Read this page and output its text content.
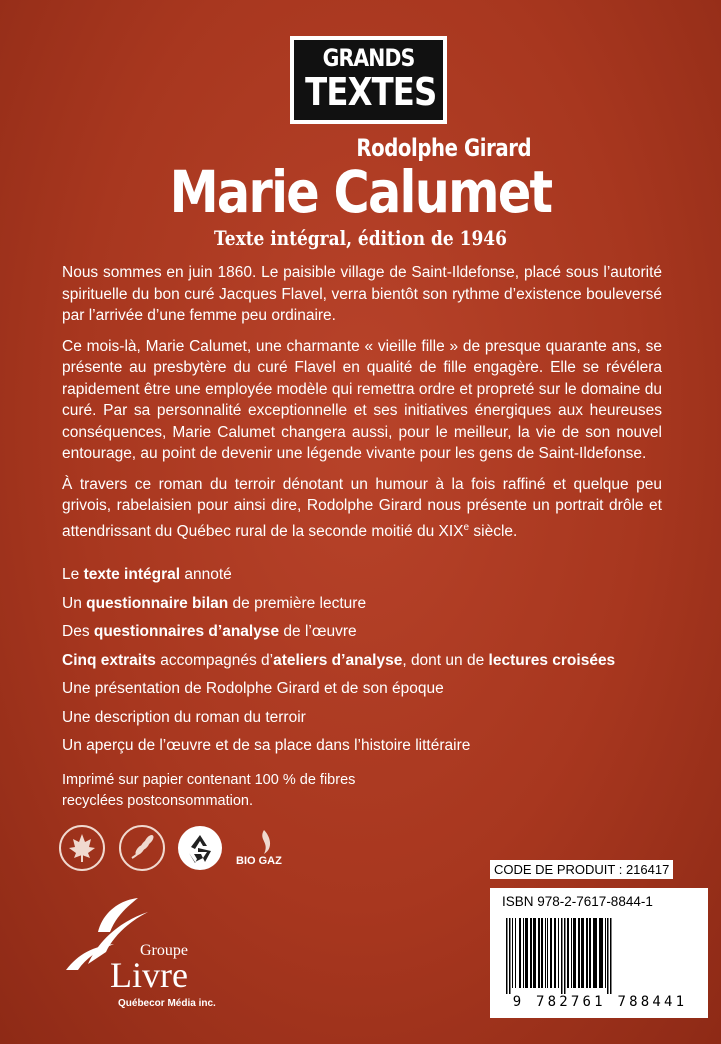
GRANDS
TEXTES
Rodolphe Girard
Marie Calumet
Texte intégral, édition de 1946

Nous sommes en juin 1860. Le paisible village de Saint-Ildefonse, placé sous l’autorité spirituelle du bon curé Jacques Flavel, verra bientôt son rythme d’existence bouleversé par l’arrivée d’une femme peu ordinaire.

Ce mois-là, Marie Calumet, une charmante « vieille fille » de presque quarante ans, se présente au presbytère du curé Flavel en qualité de fille engagère. Elle se révélera rapidement être une employée modèle qui remettra ordre et propreté sur le domaine du curé. Par sa personnalité exceptionnelle et ses initiatives énergiques aux heureuses conséquences, Marie Calumet changera aussi, pour le meilleur, la vie de son nouvel entourage, au point de devenir une légende vivante pour les gens de Saint-Ildefonse.

À travers ce roman du terroir dénotant un humour à la fois raffiné et quelque peu grivois, rabelaisien pour ainsi dire, Rodolphe Girard nous présente un portrait drôle et attendrissant du Québec rural de la seconde moitié du XIXe siècle.

Le texte intégral annoté
Un questionnaire bilan de première lecture
Des questionnaires d’analyse de l’œuvre
Cinq extraits accompagnés d’ateliers d’analyse, dont un de lectures croisées
Une présentation de Rodolphe Girard et de son époque
Une description du roman du terroir
Un aperçu de l’œuvre et de sa place dans l’histoire littéraire
Imprimé sur papier contenant 100 % de fibres
recyclées postconsommation.
BIO GAZ
Groupe
Livre
Québecor Média inc.
CODE DE PRODUIT : 216417
ISBN 978-2-7617-8844-1
9 782761 788441
